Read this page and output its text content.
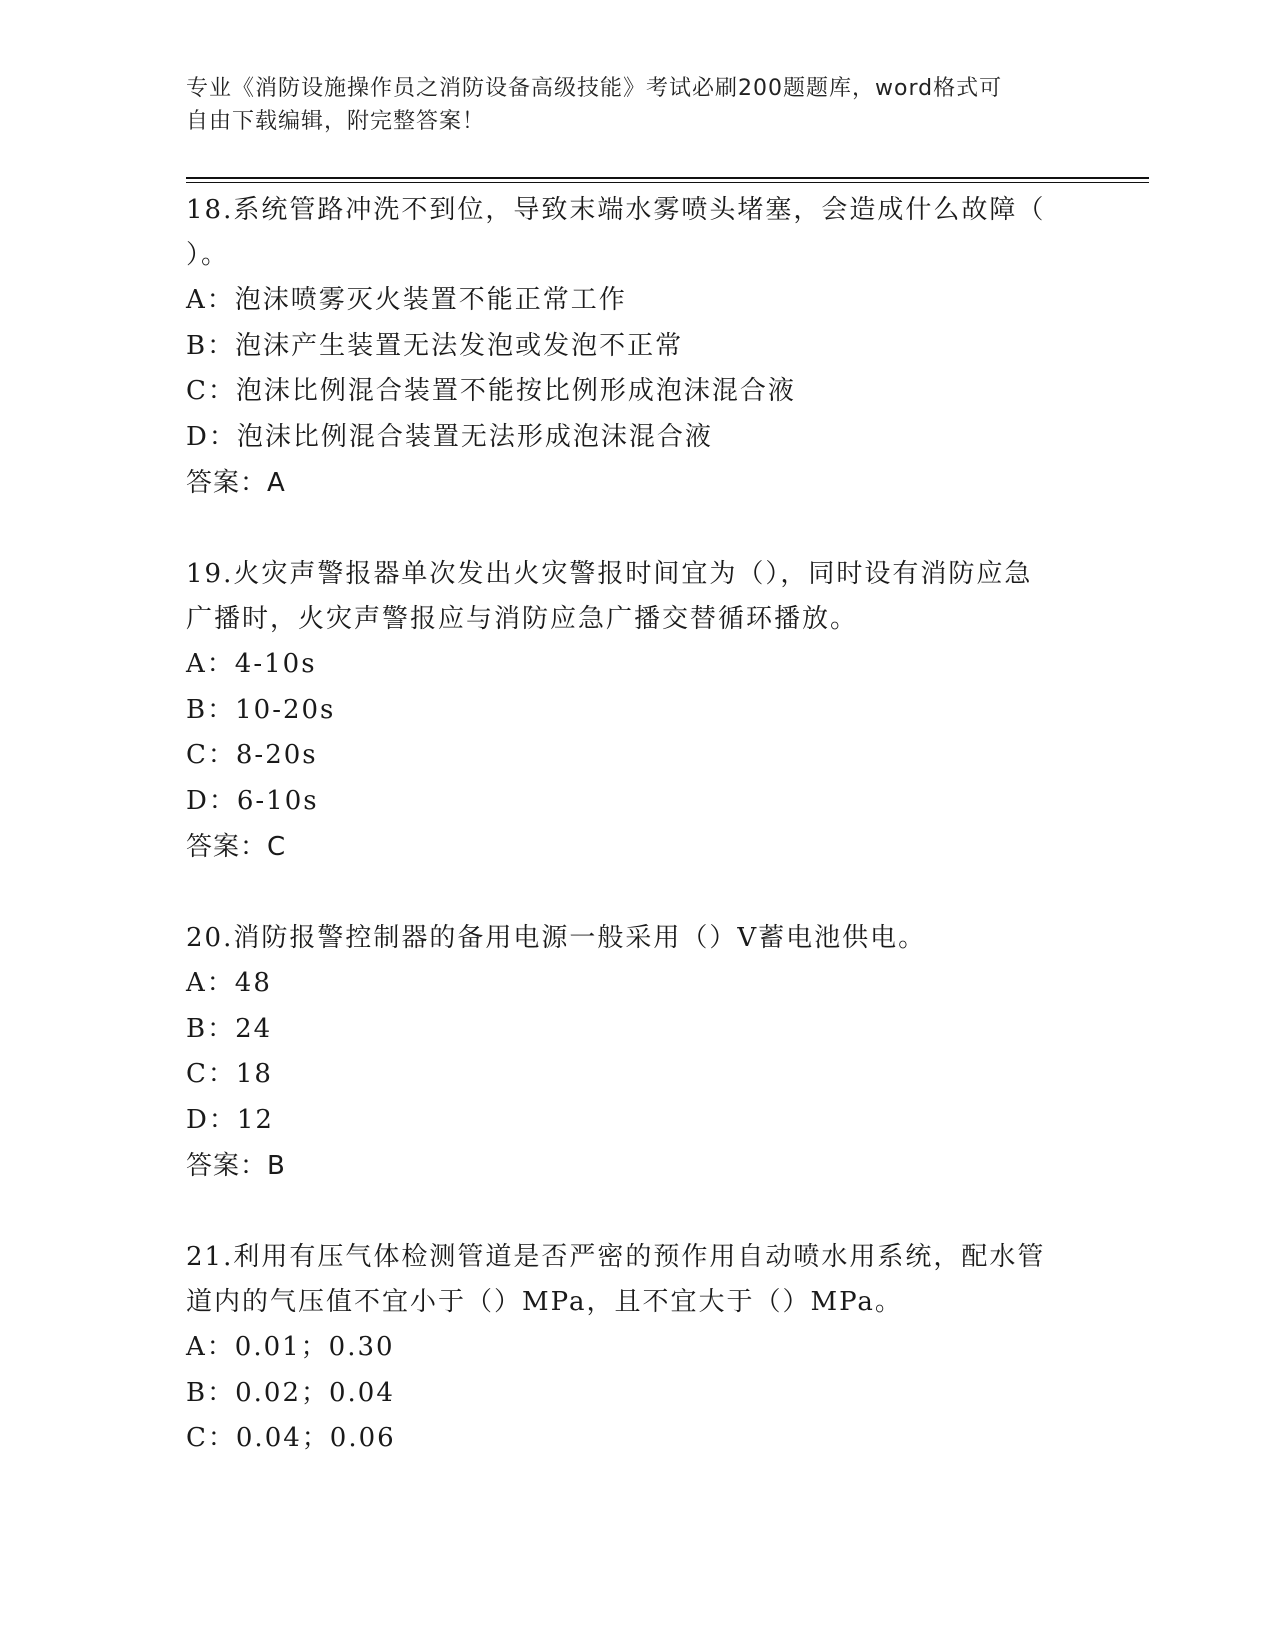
专业《消防设施操作员之消防设备高级技能》考试必刷200题题库，word格式可
自由下载编辑，附完整答案！

18.系统管路冲洗不到位，导致末端水雾喷头堵塞，会造成什么故障（

）。

A：泡沫喷雾灭火装置不能正常工作

B：泡沫产生装置无法发泡或发泡不正常

C：泡沫比例混合装置不能按比例形成泡沫混合液

D：泡沫比例混合装置无法形成泡沫混合液

答案：A

19.火灾声警报器单次发出火灾警报时间宜为（），同时设有消防应急

广播时，火灾声警报应与消防应急广播交替循环播放。

A：4-10s

B：10-20s

C：8-20s

D：6-10s

答案：C

20.消防报警控制器的备用电源一般采用（）V蓄电池供电。

A：48

B：24

C：18

D：12

答案：B

21.利用有压气体检测管道是否严密的预作用自动喷水用系统，配水管

道内的气压值不宜小于（）MPa，且不宜大于（）MPa。

A：0.01；0.30

B：0.02；0.04

C：0.04；0.06
